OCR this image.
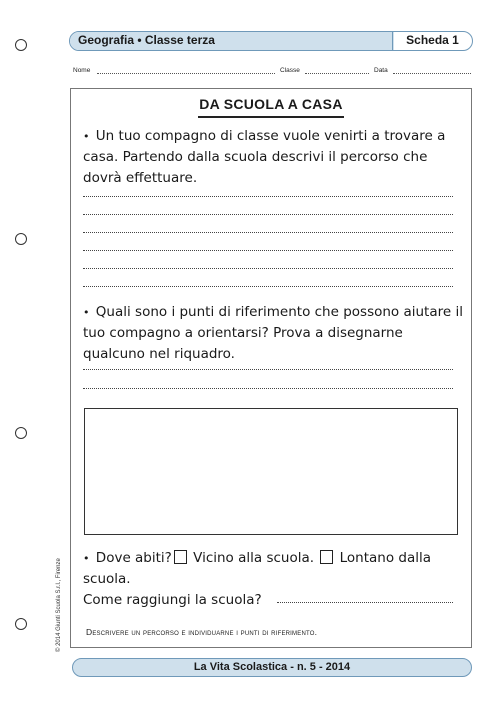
Geografia • Classe terza	Scheda 1
Nome	Classe	Data
DA SCUOLA A CASA
• Un tuo compagno di classe vuole venirti a trovare a casa. Partendo dalla scuola descrivi il percorso che dovrà effettuare.
• Quali sono i punti di riferimento che possono aiutare il tuo compagno a orientarsi? Prova a disegnarne qualcuno nel riquadro.
• Dove abiti? Vicino alla scuola. Lontano dalla
scuola.
Come raggiungi la scuola?
Descrivere un percorso e individuarne i punti di riferimento.
© 2014 Giunti Scuola S.r.l., Firenze
La Vita Scolastica - n. 5 - 2014
